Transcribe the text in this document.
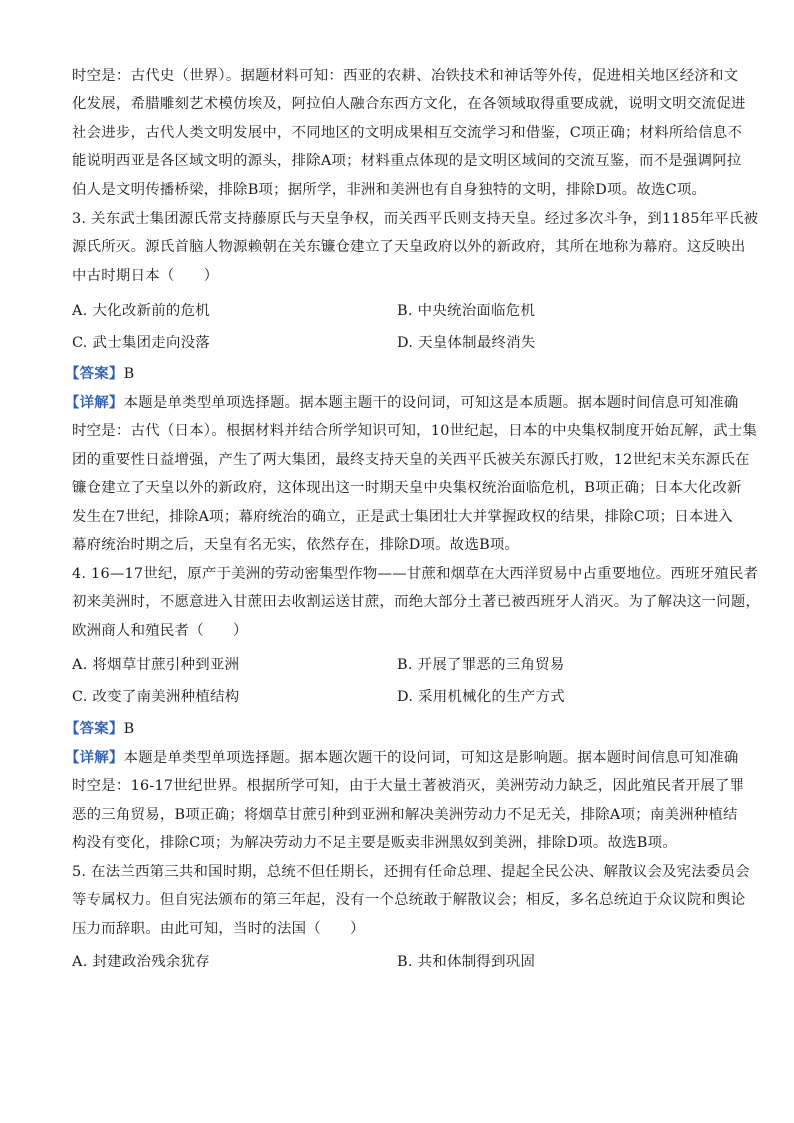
时空是：古代史（世界）。据题材料可知：西亚的农耕、冶铁技术和神话等外传，促进相关地区经济和文
化发展，希腊雕刻艺术模仿埃及，阿拉伯人融合东西方文化，在各领域取得重要成就，说明文明交流促进
社会进步，古代人类文明发展中，不同地区的文明成果相互交流学习和借鉴，C项正确；材料所给信息不
能说明西亚是各区域文明的源头，排除A项；材料重点体现的是文明区域间的交流互鉴，而不是强调阿拉
伯人是文明传播桥梁，排除B项；据所学，非洲和美洲也有自身独特的文明，排除D项。故选C项。
3. 关东武士集团源氏常支持藤原氏与天皇争权，而关西平氏则支持天皇。经过多次斗争，到1185年平氏被
源氏所灭。源氏首脑人物源赖朝在关东镰仓建立了天皇政府以外的新政府，其所在地称为幕府。这反映出
中古时期日本（　　）
A. 大化改新前的危机	B. 中央统治面临危机
C. 武士集团走向没落	D. 天皇体制最终消失
【答案】B
【详解】本题是单类型单项选择题。据本题主题干的设问词，可知这是本质题。据本题时间信息可知准确
时空是：古代（日本）。根据材料并结合所学知识可知，10世纪起，日本的中央集权制度开始瓦解，武士集
团的重要性日益增强，产生了两大集团，最终支持天皇的关西平氏被关东源氏打败，12世纪末关东源氏在
镰仓建立了天皇以外的新政府，这体现出这一时期天皇中央集权统治面临危机，B项正确；日本大化改新
发生在7世纪，排除A项；幕府统治的确立，正是武士集团壮大并掌握政权的结果，排除C项；日本进入
幕府统治时期之后，天皇有名无实，依然存在，排除D项。故选B项。
4. 16—17世纪，原产于美洲的劳动密集型作物——甘蔗和烟草在大西洋贸易中占重要地位。西班牙殖民者
初来美洲时，不愿意进入甘蔗田去收割运送甘蔗，而绝大部分土著已被西班牙人消灭。为了解决这一问题，
欧洲商人和殖民者（　　）
A. 将烟草甘蔗引种到亚洲	B. 开展了罪恶的三角贸易
C. 改变了南美洲种植结构	D. 采用机械化的生产方式
【答案】B
【详解】本题是单类型单项选择题。据本题次题干的设问词，可知这是影响题。据本题时间信息可知准确
时空是：16-17世纪世界。根据所学可知，由于大量土著被消灭，美洲劳动力缺乏，因此殖民者开展了罪
恶的三角贸易，B项正确；将烟草甘蔗引种到亚洲和解决美洲劳动力不足无关，排除A项；南美洲种植结
构没有变化，排除C项；为解决劳动力不足主要是贩卖非洲黑奴到美洲，排除D项。故选B项。
5. 在法兰西第三共和国时期，总统不但任期长，还拥有任命总理、提起全民公决、解散议会及宪法委员会
等专属权力。但自宪法颁布的第三年起，没有一个总统敢于解散议会；相反，多名总统迫于众议院和舆论
压力而辞职。由此可知，当时的法国（　　）
A. 封建政治残余犹存	B. 共和体制得到巩固
